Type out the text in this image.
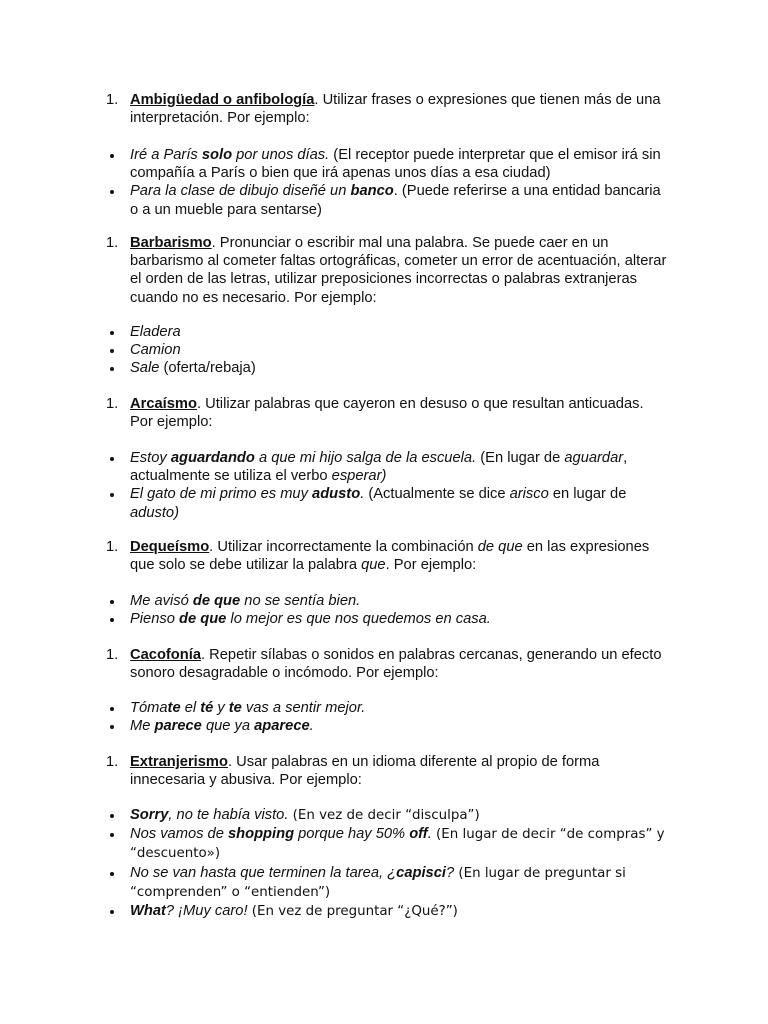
1. Ambigüedad o anfibología. Utilizar frases o expresiones que tienen más de una interpretación. Por ejemplo:
Iré a París solo por unos días. (El receptor puede interpretar que el emisor irá sin compañía a París o bien que irá apenas unos días a esa ciudad)
Para la clase de dibujo diseñé un banco. (Puede referirse a una entidad bancaria o a un mueble para sentarse)
1. Barbarismo. Pronunciar o escribir mal una palabra. Se puede caer en un barbarismo al cometer faltas ortográficas, cometer un error de acentuación, alterar el orden de las letras, utilizar preposiciones incorrectas o palabras extranjeras cuando no es necesario. Por ejemplo:
Eladera
Camion
Sale (oferta/rebaja)
1. Arcaísmo. Utilizar palabras que cayeron en desuso o que resultan anticuadas. Por ejemplo:
Estoy aguardando a que mi hijo salga de la escuela. (En lugar de aguardar, actualmente se utiliza el verbo esperar)
El gato de mi primo es muy adusto. (Actualmente se dice arisco en lugar de adusto)
1. Dequeísmo. Utilizar incorrectamente la combinación de que en las expresiones que solo se debe utilizar la palabra que. Por ejemplo:
Me avisó de que no se sentía bien.
Pienso de que lo mejor es que nos quedemos en casa.
1. Cacofonía. Repetir sílabas o sonidos en palabras cercanas, generando un efecto sonoro desagradable o incómodo. Por ejemplo:
Tómate el té y te vas a sentir mejor.
Me parece que ya aparece.
1. Extranjerismo. Usar palabras en un idioma diferente al propio de forma innecesaria y abusiva. Por ejemplo:
Sorry, no te había visto. (En vez de decir “disculpa”)
Nos vamos de shopping porque hay 50% off. (En lugar de decir “de compras” y “descuento»)
No se van hasta que terminen la tarea, ¿capisci? (En lugar de preguntar si “comprenden” o “entienden”)
What? ¡Muy caro! (En vez de preguntar “¿Qué?”)
